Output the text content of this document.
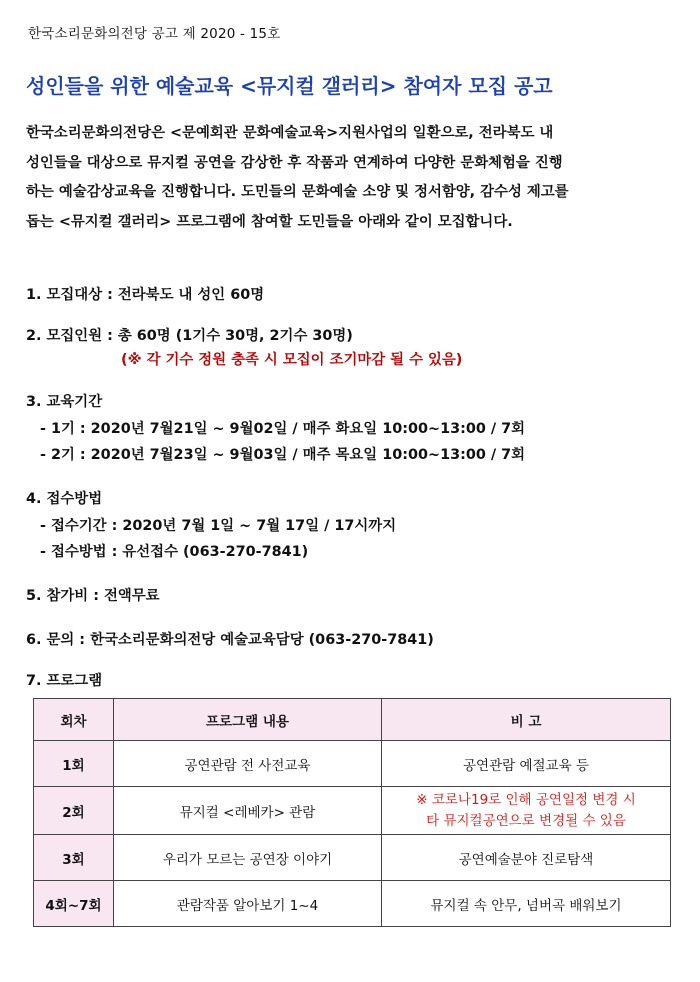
한국소리문화의전당 공고 제 2020 - 15호
성인들을 위한 예술교육 <뮤지컬 갤러리> 참여자 모집 공고
한국소리문화의전당은 <문예회관 문화예술교육>지원사업의 일환으로, 전라북도 내
성인들을 대상으로 뮤지컬 공연을 감상한 후 작품과 연계하여 다양한 문화체험을 진행
하는 예술감상교육을 진행합니다. 도민들의 문화예술 소양 및 정서함양, 감수성 제고를
돕는 <뮤지컬 갤러리> 프로그램에 참여할 도민들을 아래와 같이 모집합니다.
1. 모집대상 : 전라북도 내 성인 60명
2. 모집인원 : 총 60명 (1기수 30명, 2기수 30명)
(※ 각 기수 정원 충족 시 모집이 조기마감 될 수 있음)
3. 교육기간
- 1기 : 2020년 7월21일 ~ 9월02일 / 매주 화요일 10:00~13:00 / 7회
- 2기 : 2020년 7월23일 ~ 9월03일 / 매주 목요일 10:00~13:00 / 7회
4. 접수방법
- 접수기간 : 2020년 7월 1일 ~ 7월 17일 / 17시까지
- 접수방법 : 유선접수 (063-270-7841)
5. 참가비 : 전액무료
6. 문의 : 한국소리문화의전당 예술교육담당 (063-270-7841)
7. 프로그램
회차	프로그램 내용	비 고
1회	공연관람 전 사전교육	공연관람 예절교육 등
2회	뮤지컬 <레베카> 관람	※ 코로나19로 인해 공연일정 변경 시
타 뮤지컬공연으로 변경될 수 있음

3회	우리가 모르는 공연장 이야기	공연예술분야 진로탐색
4회~7회	관람작품 알아보기 1~4	뮤지컬 속 안무, 넘버곡 배워보기
